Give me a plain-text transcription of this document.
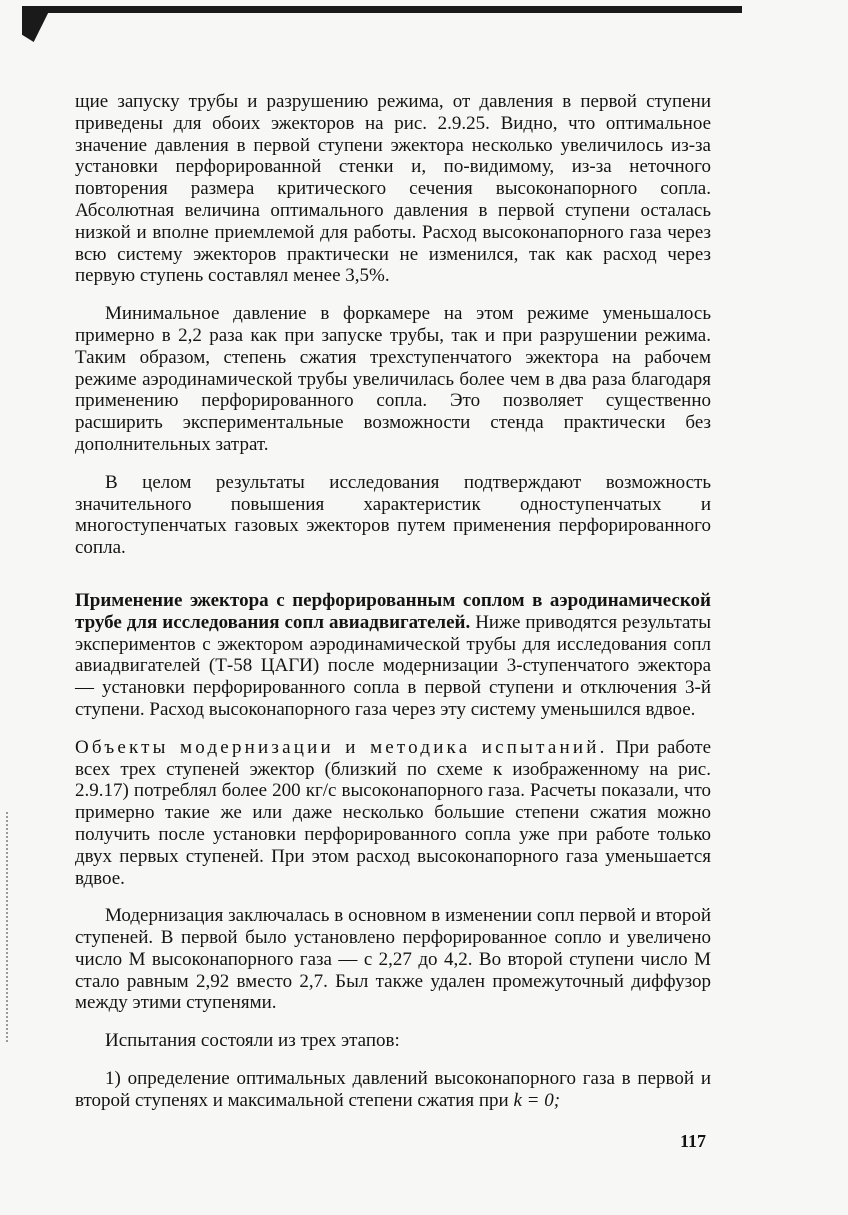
щие запуску трубы и разрушению режима, от давления в первой ступени приведены для обоих эжекторов на рис. 2.9.25. Видно, что оптимальное значение давления в первой ступени эжектора несколько увеличилось из-за установки перфорированной стенки и, по-видимому, из-за неточного повторения размера критического сечения высоконапорного сопла. Абсолютная величина оптимального давления в первой ступени осталась низкой и вполне приемлемой для работы. Расход высоконапорного газа через всю систему эжекторов практически не изменился, так как расход через первую ступень составлял менее 3,5%.

Минимальное давление в форкамере на этом режиме уменьшалось примерно в 2,2 раза как при запуске трубы, так и при разрушении режима. Таким образом, степень сжатия трехступенчатого эжектора на рабочем режиме аэродинамической трубы увеличилась более чем в два раза благодаря применению перфорированного сопла. Это позволяет существенно расширить экспериментальные возможности стенда практически без дополнительных затрат.

В целом результаты исследования подтверждают возможность значительного повышения характеристик одноступенчатых и многоступенчатых газовых эжекторов путем применения перфорированного сопла.

Применение эжектора с перфорированным соплом в аэродинамической трубе для исследования сопл авиадвигателей. Ниже приводятся результаты экспериментов с эжектором аэродинамической трубы для исследования сопл авиадвигателей (Т-58 ЦАГИ) после модернизации 3-ступенчатого эжектора — установки перфорированного сопла в первой ступени и отключения 3-й ступени. Расход высоконапорного газа через эту систему уменьшился вдвое.

Объекты модернизации и методика испытаний. При работе всех трех ступеней эжектор (близкий по схеме к изображенному на рис. 2.9.17) потреблял более 200 кг/с высоконапорного газа. Расчеты показали, что примерно такие же или даже несколько большие степени сжатия можно получить после установки перфорированного сопла уже при работе только двух первых ступеней. При этом расход высоконапорного газа уменьшается вдвое.

Модернизация заключалась в основном в изменении сопл первой и второй ступеней. В первой было установлено перфорированное сопло и увеличено число М высоконапорного газа — с 2,27 до 4,2. Во второй ступени число М стало равным 2,92 вместо 2,7. Был также удален промежуточный диффузор между этими ступенями.

Испытания состояли из трех этапов:

1) определение оптимальных давлений высоконапорного газа в первой и второй ступенях и максимальной степени сжатия при k = 0;

117
